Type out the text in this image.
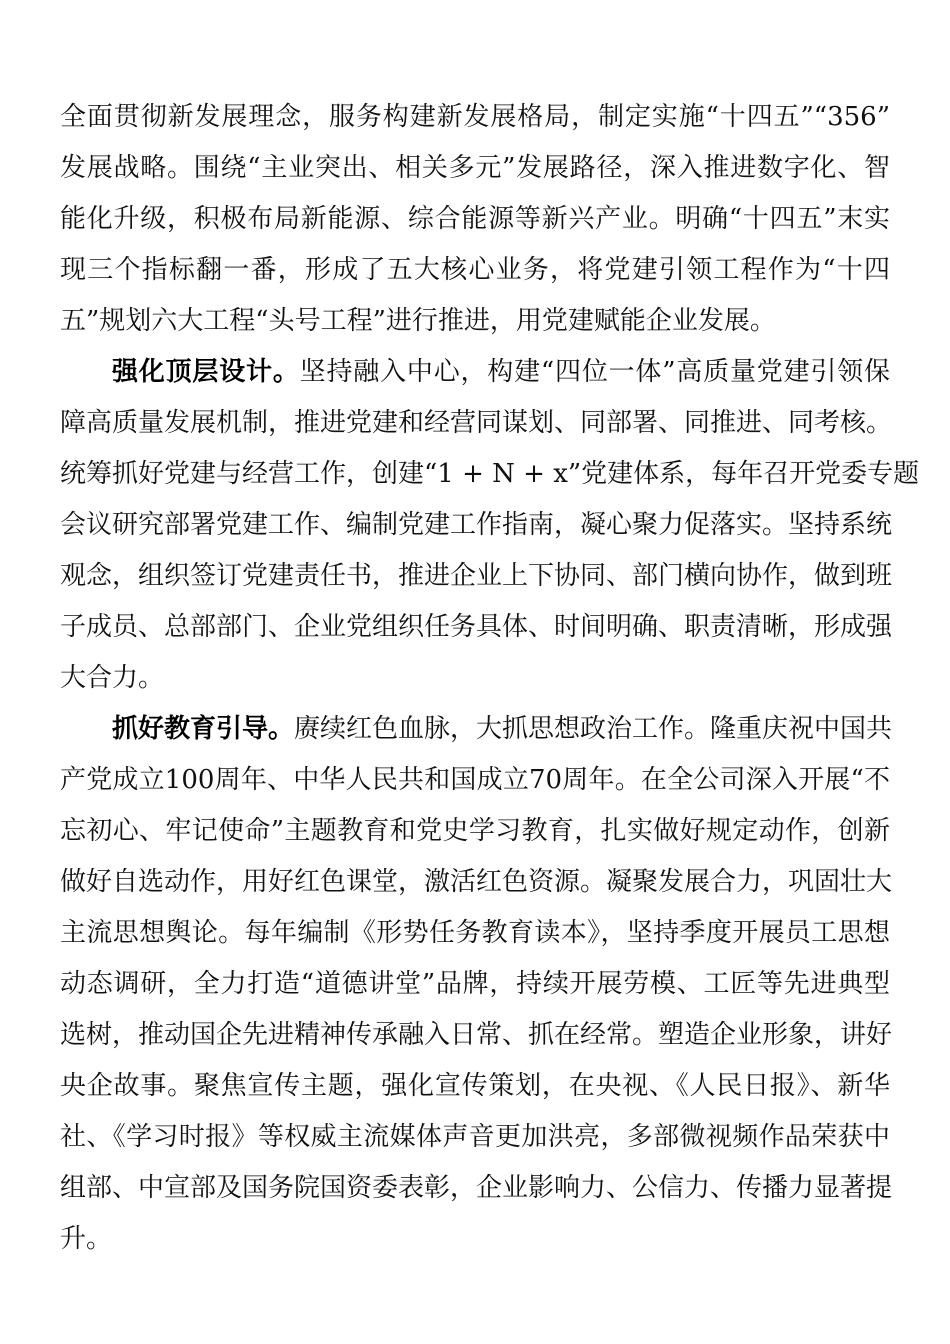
全面贯彻新发展理念，服务构建新发展格局，制定实施“十四五”“356”
发展战略。围绕“主业突出、相关多元”发展路径，深入推进数字化、智
能化升级，积极布局新能源、综合能源等新兴产业。明确“十四五”末实
现三个指标翻一番，形成了五大核心业务，将党建引领工程作为“十四
五”规划六大工程“头号工程”进行推进，用党建赋能企业发展。
强化顶层设计。坚持融入中心，构建“四位一体”高质量党建引领保
障高质量发展机制，推进党建和经营同谋划、同部署、同推进、同考核。
统筹抓好党建与经营工作，创建“1 + N + x”党建体系，每年召开党委专题
会议研究部署党建工作、编制党建工作指南，凝心聚力促落实。坚持系统
观念，组织签订党建责任书，推进企业上下协同、部门横向协作，做到班
子成员、总部部门、企业党组织任务具体、时间明确、职责清晰，形成强
大合力。
抓好教育引导。赓续红色血脉，大抓思想政治工作。隆重庆祝中国共
产党成立100周年、中华人民共和国成立70周年。在全公司深入开展“不
忘初心、牢记使命”主题教育和党史学习教育，扎实做好规定动作，创新
做好自选动作，用好红色课堂，激活红色资源。凝聚发展合力，巩固壮大
主流思想舆论。每年编制《形势任务教育读本》，坚持季度开展员工思想
动态调研，全力打造“道德讲堂”品牌，持续开展劳模、工匠等先进典型
选树，推动国企先进精神传承融入日常、抓在经常。塑造企业形象，讲好
央企故事。聚焦宣传主题，强化宣传策划，在央视、《人民日报》、新华
社、《学习时报》等权威主流媒体声音更加洪亮，多部微视频作品荣获中
组部、中宣部及国务院国资委表彰，企业影响力、公信力、传播力显著提
升。
